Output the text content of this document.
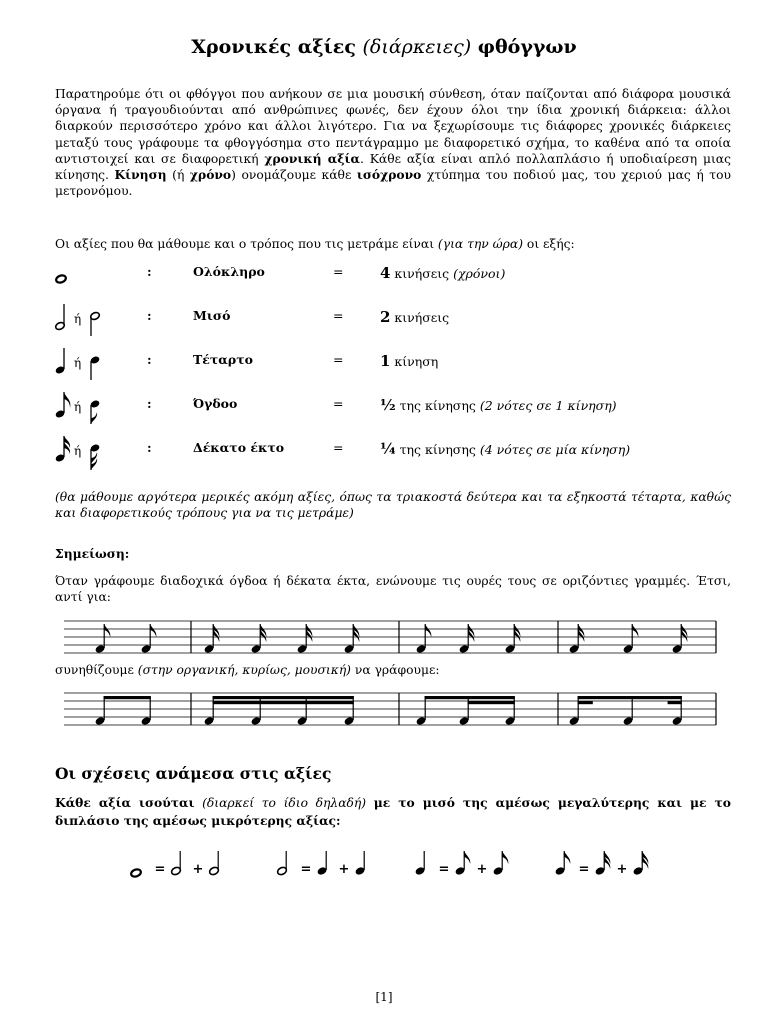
Χρονικές αξίες (διάρκειες) φθόγγων
Παρατηρούμε ότι οι φθόγγοι που ανήκουν σε μια μουσική σύνθεση, όταν παίζονται από διάφορα μουσικά όργανα ή τραγουδιούνται από ανθρώπινες φωνές, δεν έχουν όλοι την ίδια χρονική διάρκεια: άλλοι διαρκούν περισσότερο χρόνο και άλλοι λιγότερο. Για να ξεχωρίσουμε τις διάφορες χρονικές διάρκειες μεταξύ τους γράφουμε τα φθογγόσημα στο πεντάγραμμο με διαφορετικό σχήμα, το καθένα από τα οποία αντιστοιχεί και σε διαφορετική χρονική αξία. Κάθε αξία είναι απλό πολλαπλάσιο ή υποδιαίρεση μιας κίνησης. Κίνηση (ή χρόνο) ονομάζουμε κάθε ισόχρονο χτύπημα του ποδιού μας, του χεριού μας ή του μετρονόμου.
Οι αξίες που θα μάθουμε και ο τρόπος που τις μετράμε είναι (για την ώρα) οι εξής:
:	Ολόκληρο	= 4 κινήσεις (χρόνοι)
ή	:	Μισό	= 2 κινήσεις
ή	:	Τέταρτο	= 1 κίνηση
ή	:	Όγδοο	= ½ της κίνησης (2 νότες σε 1 κίνηση)
ή	:	Δέκατο έκτο	= ¼ της κίνησης (4 νότες σε μία κίνηση)
(θα μάθουμε αργότερα μερικές ακόμη αξίες, όπως τα τριακοστά δεύτερα και τα εξηκοστά τέταρτα, καθώς και διαφορετικούς τρόπους για να τις μετράμε)
Σημείωση:
Όταν γράφουμε διαδοχικά όγδοα ή δέκατα έκτα, ενώνουμε τις ουρές τους σε οριζόντιες γραμμές. Έτσι, αντί για:
συνηθίζουμε (στην οργανική, κυρίως, μουσική) να γράφουμε:
Οι σχέσεις ανάμεσα στις αξίες
Κάθε αξία ισούται (διαρκεί το ίδιο δηλαδή) με το μισό της αμέσως μεγαλύτερης και με το διπλάσιο της αμέσως μικρότερης αξίας:
= +	= +	= +	= +
[1]
